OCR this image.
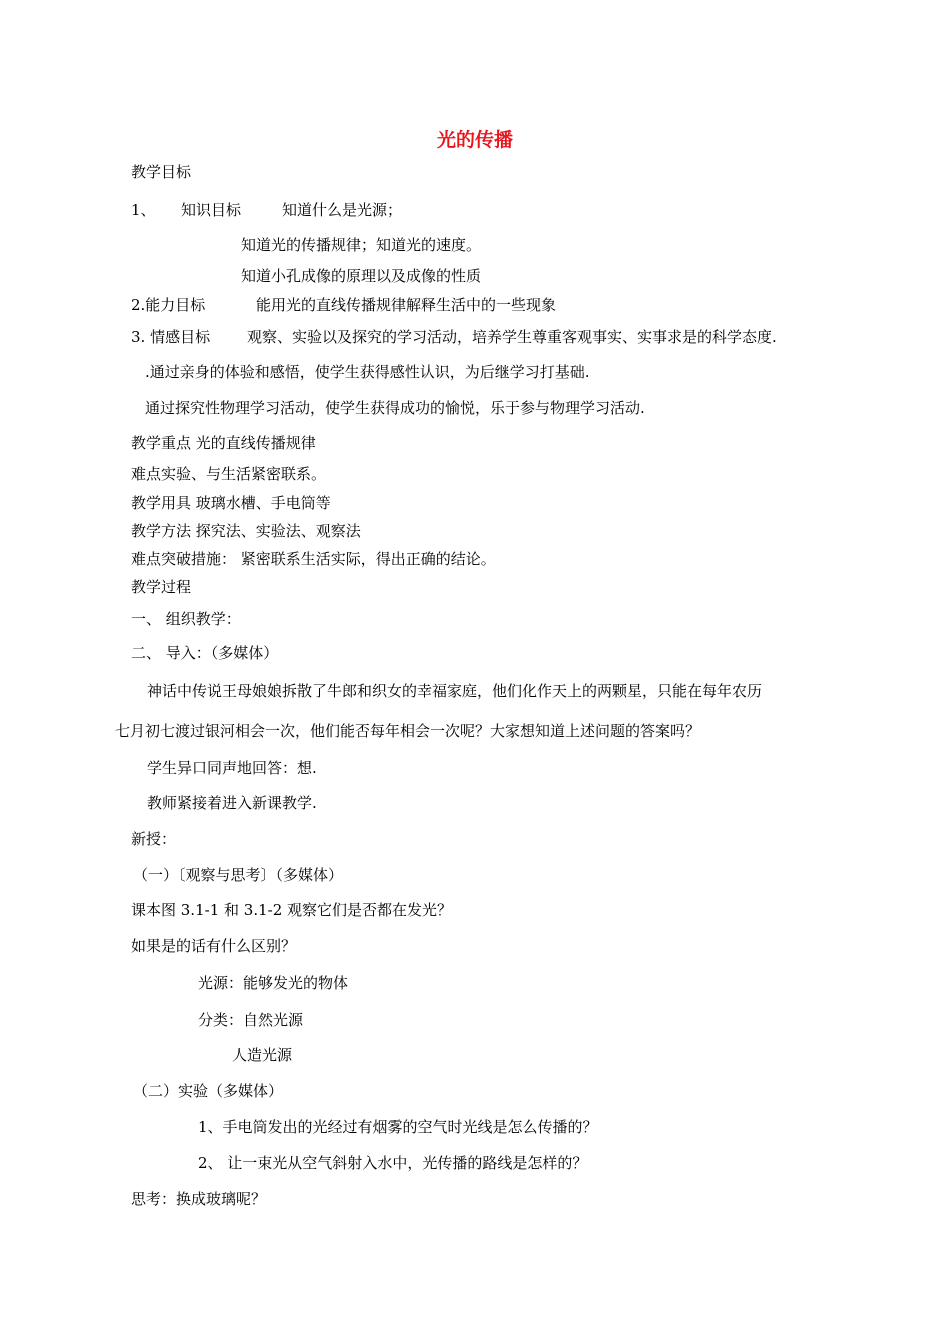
光的传播
教学目标
1、 知识目标	知道什么是光源；
知道光的传播规律；知道光的速度。
知道小孔成像的原理以及成像的性质
2.能力目标	能用光的直线传播规律解释生活中的一些现象
3. 情感目标 观察、实验以及探究的学习活动，培养学生尊重客观事实、实事求是的科学态度.
.通过亲身的体验和感悟，使学生获得感性认识，为后继学习打基础.
通过探究性物理学习活动，使学生获得成功的愉悦，乐于参与物理学习活动.
教学重点 光的直线传播规律
难点实验、与生活紧密联系。
教学用具 玻璃水槽、手电筒等
教学方法 探究法、实验法、观察法
难点突破措施： 紧密联系生活实际，得出正确的结论。
教学过程
一、 组织教学：
二、 导入：（多媒体）
神话中传说王母娘娘拆散了牛郎和织女的幸福家庭，他们化作天上的两颗星，只能在每年农历
七月初七渡过银河相会一次，他们能否每年相会一次呢？大家想知道上述问题的答案吗？
学生异口同声地回答：想.
教师紧接着进入新课教学.
新授：
（一）〔观察与思考〕（多媒体）
课本图 3.1-1 和 3.1-2 观察它们是否都在发光？
如果是的话有什么区别？
光源：能够发光的物体
分类：自然光源
人造光源
（二）实验（多媒体）
1、手电筒发出的光经过有烟雾的空气时光线是怎么传播的？
2、 让一束光从空气斜射入水中，光传播的路线是怎样的？
思考：换成玻璃呢？
